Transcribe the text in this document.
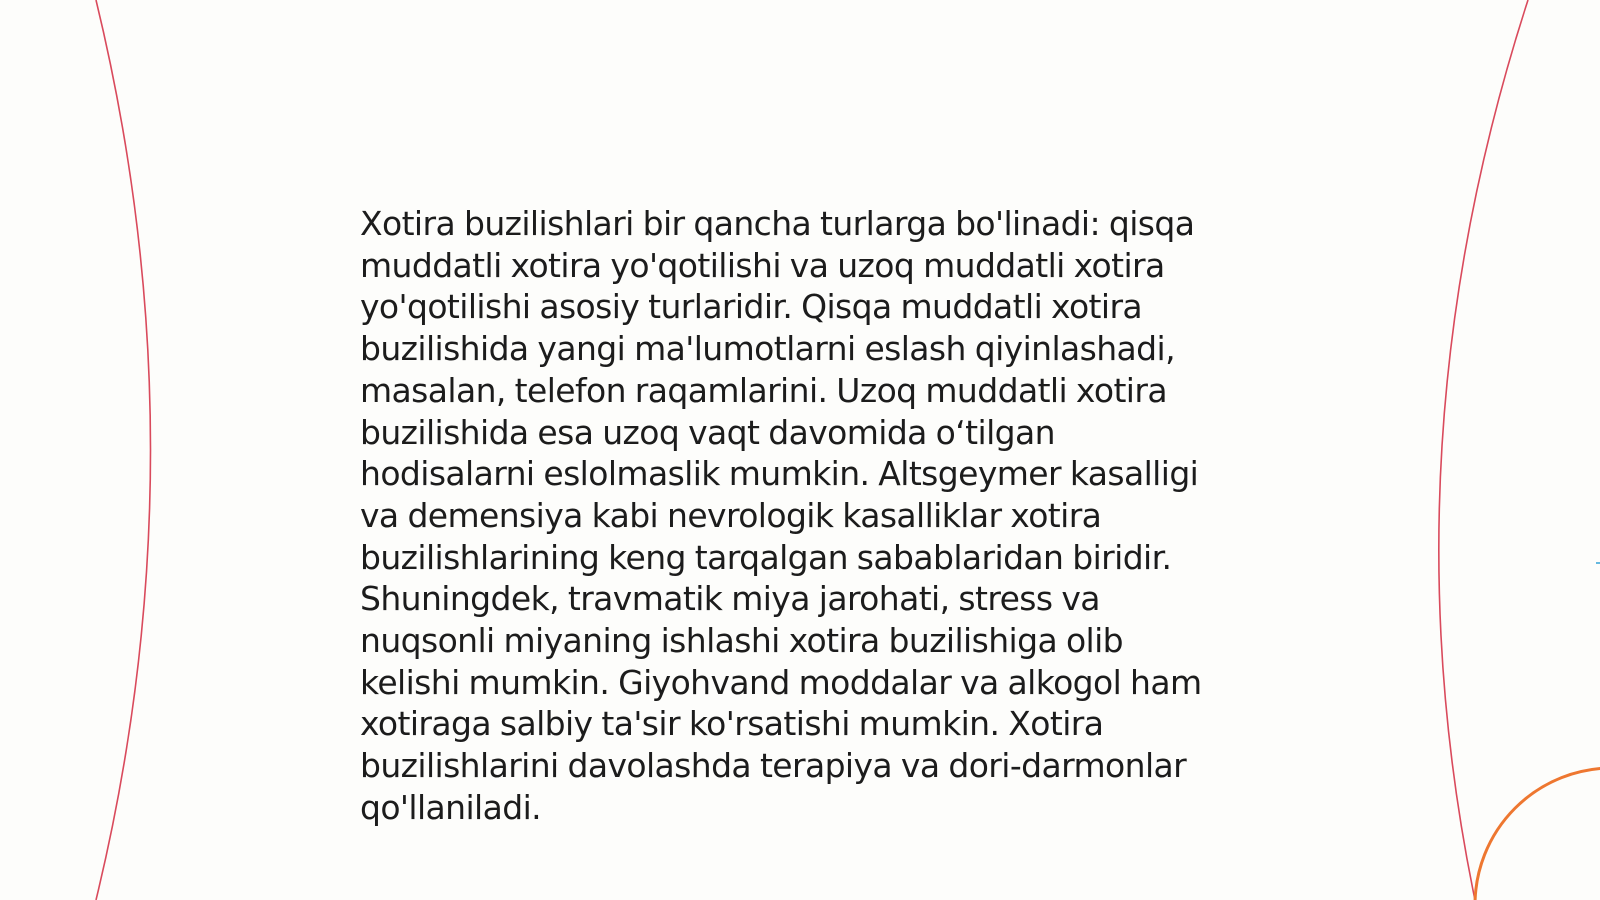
Xotira buzilishlari bir qancha turlarga bo'linadi: qisqa
muddatli xotira yo'qotilishi va uzoq muddatli xotira
yo'qotilishi asosiy turlaridir. Qisqa muddatli xotira
buzilishida yangi ma'lumotlarni eslash qiyinlashadi,
masalan, telefon raqamlarini. Uzoq muddatli xotira
buzilishida esa uzoq vaqt davomida o‘tilgan
hodisalarni eslolmaslik mumkin. Altsgeymer kasalligi
va demensiya kabi nevrologik kasalliklar xotira
buzilishlarining keng tarqalgan sabablaridan biridir.
Shuningdek, travmatik miya jarohati, stress va
nuqsonli miyaning ishlashi xotira buzilishiga olib
kelishi mumkin. Giyohvand moddalar va alkogol ham
xotiraga salbiy ta'sir ko'rsatishi mumkin. Xotira
buzilishlarini davolashda terapiya va dori-darmonlar
qo'llaniladi.
